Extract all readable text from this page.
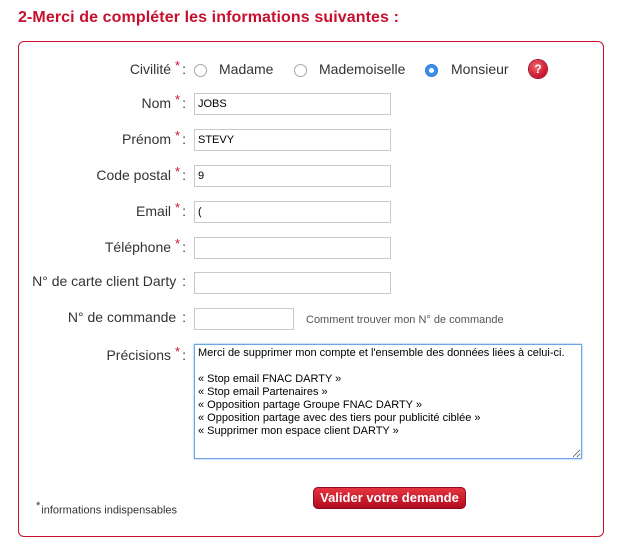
2-Merci de compléter les informations suivantes :
Civilité * : Madame	Mademoiselle	Monsieur	?
Nom * :
JOBS
Prénom * :
STEVY
Code postal * :
9
Email * :
(
Téléphone * :
N° de carte client Darty :
N° de commande :	Comment trouver mon N° de commande
Précisions * :
Merci de supprimer mon compte et l'ensemble des données liées à celui-ci. « Stop email FNAC DARTY » « Stop email Partenaires » « Opposition partage Groupe FNAC DARTY » « Opposition partage avec des tiers pour publicité ciblée » « Supprimer mon espace client DARTY »
Valider votre demande
*informations indispensables
